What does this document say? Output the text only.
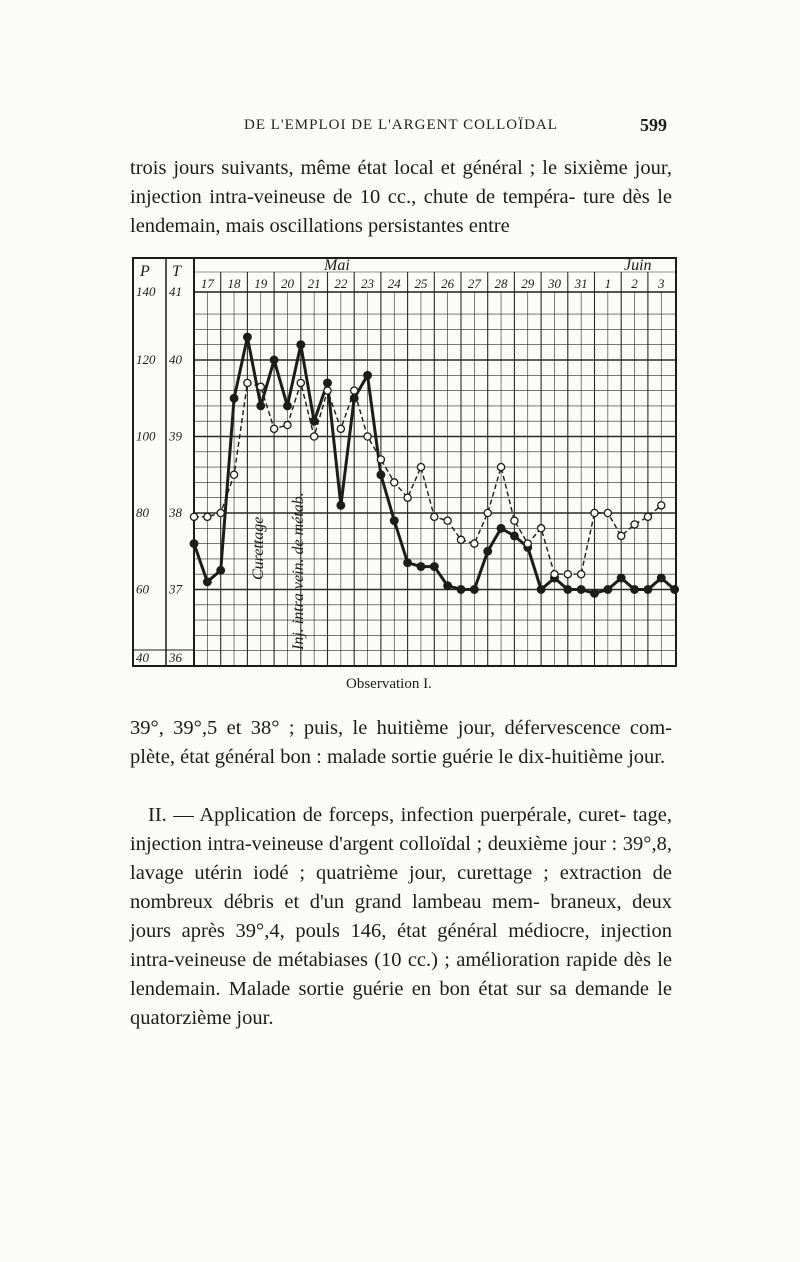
DE L'EMPLOI DE L'ARGENT COLLOÏDAL	599

trois jours suivants, même état local et général ; le sixième jour, injection intra-veineuse de 10 cc., chute de tempéra- ture dès le lendemain, mais oscillations persistantes entre

P T
140 41
120 40
100 39
80 38
60 37
40 36
Mai	Juin
17 18 19 20 21 22 23 24 25 26 27 28 29 30 31 1 2 3
Curettage Inj. intra vein. de métab.
Observation I.

39°, 39°,5 et 38° ; puis, le huitième jour, défervescence com- plète, état général bon : malade sortie guérie le dix-huitième jour.

II. — Application de forceps, infection puerpérale, curet- tage, injection intra-veineuse d'argent colloïdal ; deuxième jour : 39°,8, lavage utérin iodé ; quatrième jour, curettage ; extraction de nombreux débris et d'un grand lambeau mem- braneux, deux jours après 39°,4, pouls 146, état général médiocre, injection intra-veineuse de métabiases (10 cc.) ; amélioration rapide dès le lendemain. Malade sortie guérie en bon état sur sa demande le quatorzième jour.
